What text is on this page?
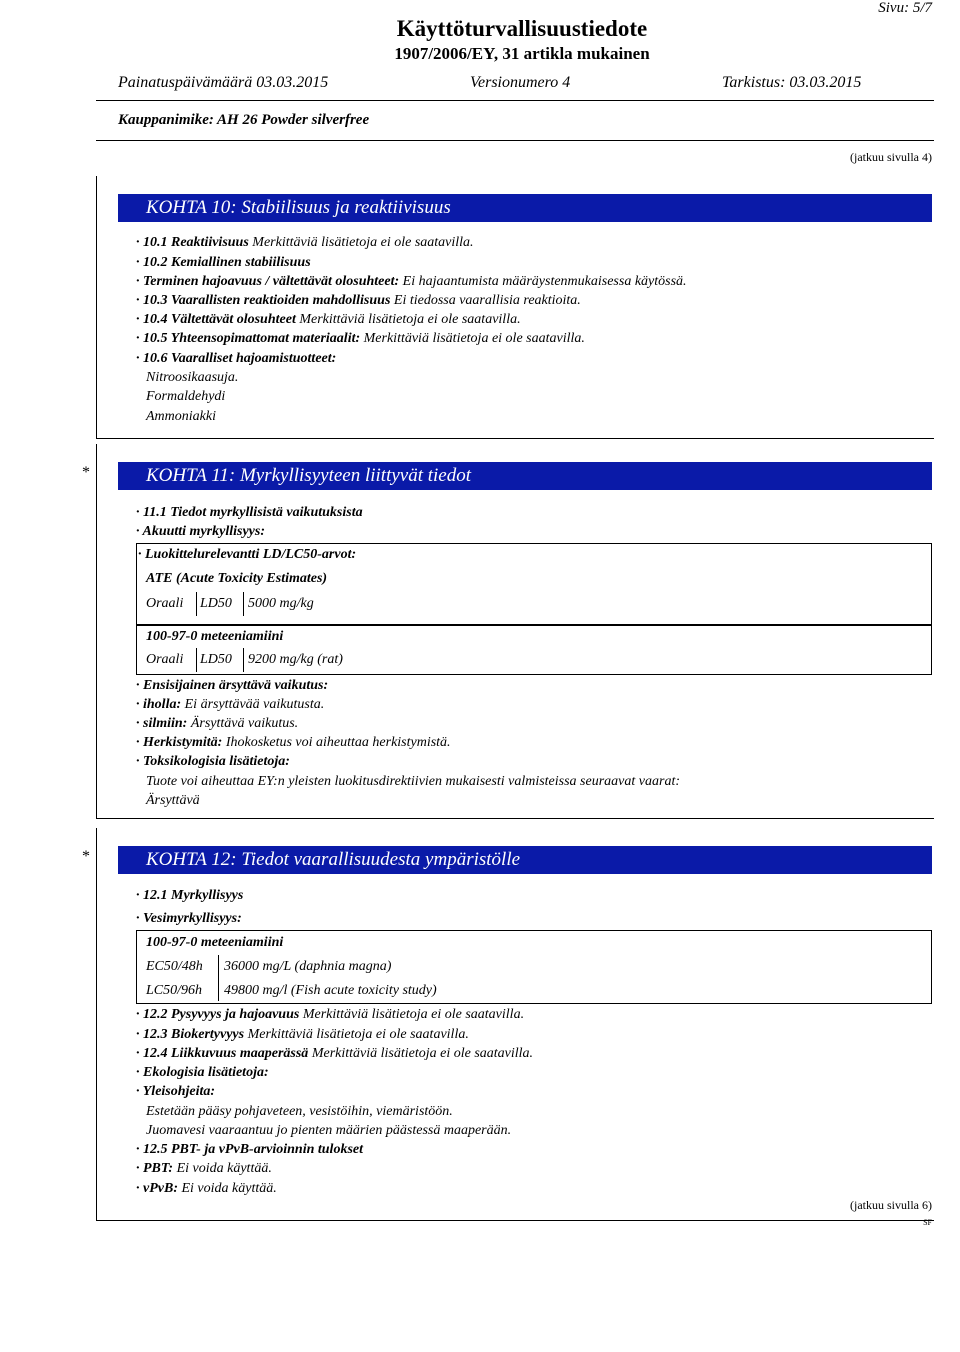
Sivu: 5/7
Käyttöturvallisuustiedote
1907/2006/EY, 31 artikla mukainen
Painatuspäivämäärä 03.03.2015	Versionumero 4	Tarkistus: 03.03.2015
Kauppanimike: AH 26 Powder silverfree
(jatkuu sivulla 4)
KOHTA 10: Stabiilisuus ja reaktiivisuus
· 10.1 Reaktiivisuus Merkittäviä lisätietoja ei ole saatavilla.
· 10.2 Kemiallinen stabiilisuus
· Terminen hajoavuus / vältettävät olosuhteet: Ei hajaantumista määräystenmukaisessa käytössä.
· 10.3 Vaarallisten reaktioiden mahdollisuus Ei tiedossa vaarallisia reaktioita.
· 10.4 Vältettävät olosuhteet Merkittäviä lisätietoja ei ole saatavilla.
· 10.5 Yhteensopimattomat materiaalit: Merkittäviä lisätietoja ei ole saatavilla.
· 10.6 Vaaralliset hajoamistuotteet:
Nitroosikaasuja.
Formaldehydi
Ammoniakki
*	KOHTA 11: Myrkyllisyyteen liittyvät tiedot
· 11.1 Tiedot myrkyllisistä vaikutuksista
· Akuutti myrkyllisyys:
· Luokittelurelevantti LD/LC50-arvot:
ATE (Acute Toxicity Estimates)
Oraali LD50 5000 mg/kg
100-97-0 meteeniamiini
Oraali LD50 9200 mg/kg (rat)
· Ensisijainen ärsyttävä vaikutus:
· iholla: Ei ärsyttävää vaikutusta.
· silmiin: Ärsyttävä vaikutus.
· Herkistymitä: Ihokosketus voi aiheuttaa herkistymistä.
· Toksikologisia lisätietoja:
Tuote voi aiheuttaa EY:n yleisten luokitusdirektiivien mukaisesti valmisteissa seuraavat vaarat:
Ärsyttävä
*	KOHTA 12: Tiedot vaarallisuudesta ympäristölle
· 12.1 Myrkyllisyys
· Vesimyrkyllisyys:
100-97-0 meteeniamiini
EC50/48h 36000 mg/L (daphnia magna)
LC50/96h 49800 mg/l (Fish acute toxicity study)
· 12.2 Pysyvyys ja hajoavuus Merkittäviä lisätietoja ei ole saatavilla.
· 12.3 Biokertyvyys Merkittäviä lisätietoja ei ole saatavilla.
· 12.4 Liikkuvuus maaperässä Merkittäviä lisätietoja ei ole saatavilla.
· Ekologisia lisätietoja:
· Yleisohjeita:
Estetään pääsy pohjaveteen, vesistöihin, viemäristöön.
Juomavesi vaaraantuu jo pienten määrien päästessä maaperään.
· 12.5 PBT- ja vPvB-arvioinnin tulokset
· PBT: Ei voida käyttää.
· vPvB: Ei voida käyttää.
(jatkuu sivulla 6)
SF
